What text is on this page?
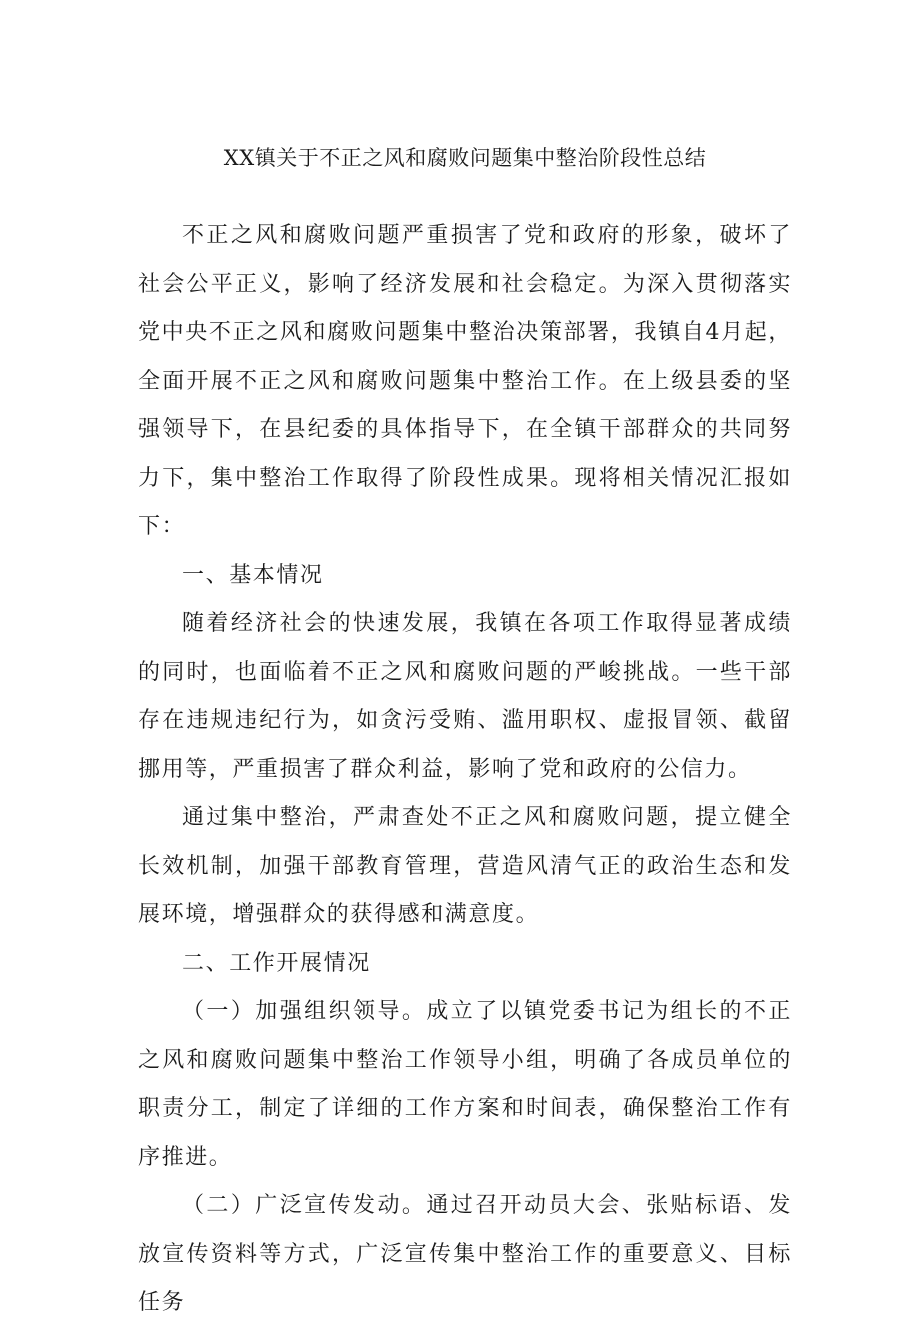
XX镇关于不正之风和腐败问题集中整治阶段性总结

不正之风和腐败问题严重损害了党和政府的形象，破坏了社会公平正义，影响了经济发展和社会稳定。为深入贯彻落实党中央不正之风和腐败问题集中整治决策部署，我镇自4月起，全面开展不正之风和腐败问题集中整治工作。在上级县委的坚强领导下，在县纪委的具体指导下，在全镇干部群众的共同努力下，集中整治工作取得了阶段性成果。现将相关情况汇报如下：

一、基本情况

随着经济社会的快速发展，我镇在各项工作取得显著成绩的同时，也面临着不正之风和腐败问题的严峻挑战。一些干部存在违规违纪行为，如贪污受贿、滥用职权、虚报冒领、截留挪用等，严重损害了群众利益，影响了党和政府的公信力。

通过集中整治，严肃查处不正之风和腐败问题，提立健全长效机制，加强干部教育管理，营造风清气正的政治生态和发展环境，增强群众的获得感和满意度。

二、工作开展情况

（一）加强组织领导。成立了以镇党委书记为组长的不正之风和腐败问题集中整治工作领导小组，明确了各成员单位的职责分工，制定了详细的工作方案和时间表，确保整治工作有序推进。

（二）广泛宣传发动。通过召开动员大会、张贴标语、发放宣传资料等方式，广泛宣传集中整治工作的重要意义、目标任务
